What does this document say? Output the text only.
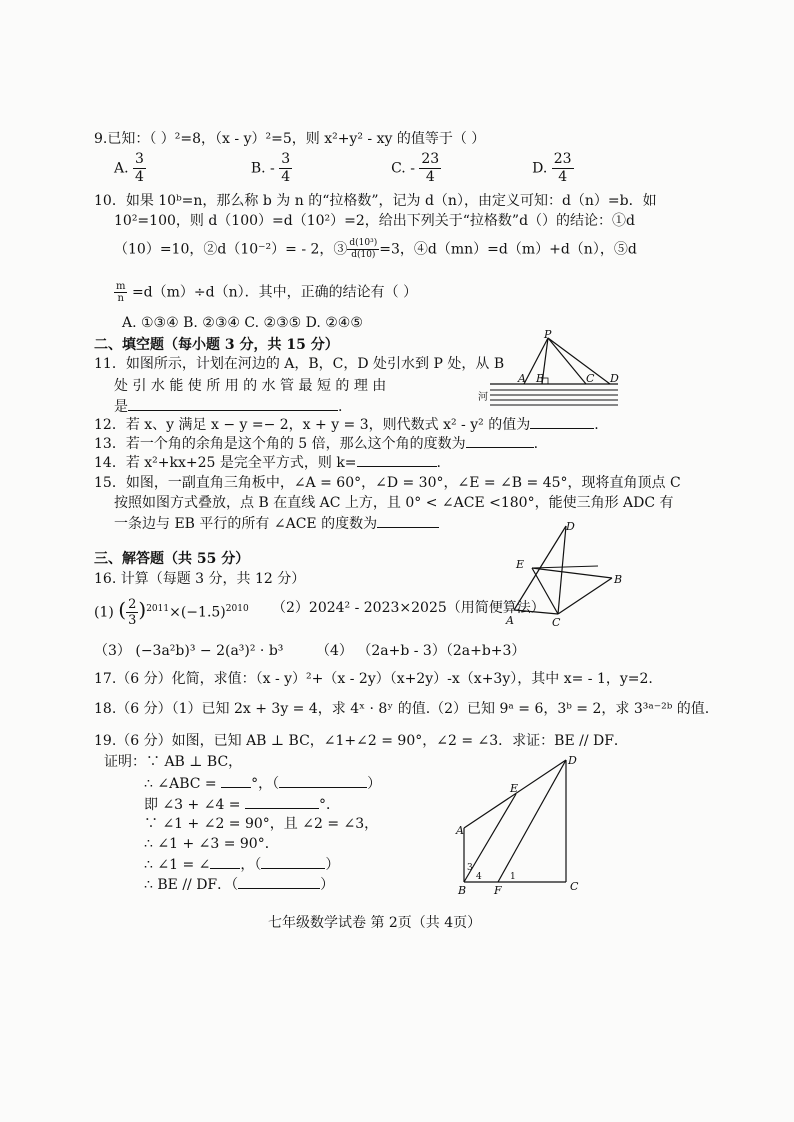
9.已知：（ ）²=8，（x - y）²=5，则 x²+y² - xy 的值等于（ ）
A. $\frac{3}{4}$	B. - $\frac{3}{4}$	C. - $\frac{23}{4}$	D. $\frac{23}{4}$
10．如果 10ᵇ=n，那么称 b 为 n 的“拉格数”，记为 d（n），由定义可知：d（n）=b．如
10²=100，则 d（100）=d（10²）=2，给出下列关于“拉格数”d（）的结论：①d
（10）=10，②d（10⁻²）= - 2，③ $\frac{\text{d(10³)}}{d(10)} =3$，④d（mn）=d（m）+d（n），⑤d
$\frac{m}{n} =d(m)\div d(n)$．其中，正确的结论有（ ）
A. ①③④ B. ②③④ C. ②③⑤ D. ②④⑤
二、填空题（每小题 3 分，共 15 分）
11．如图所示，计划在河边的 A，B，C，D 处引水到 P 处，从 B
处 引 水 能 使 所 用 的 水 管 最 短 的 理 由
是	.
P
A B	C D
河
12．若 x、y 满足 x − y =− 2，x + y = 3，则代数式 x² - y² 的值为	.
13．若一个角的余角是这个角的 5 倍，那么这个角的度数为	.
14．若 x²+kx+25 是完全平方式，则 k=	.
15．如图，一副直角三角板中，∠A = 60°，∠D = 30°，∠E = ∠B = 45°，现将直角顶点 C
按照如图方式叠放，点 B 在直线 AC 上方，且 0° < ∠ACE <180°，能使三角形 ADC 有
一条边与 EB 平行的所有 ∠ACE 的度数为
三、解答题（共 55 分）
D
E
B
A	C
16. 计算（每题 3 分，共 12 分）
(1) ( $\frac{2}{3} )^{2011}\times(-1.5)^{2010}$ （2）2024² - 2023×2025（用简便算法）
（3） (−3a²b)³ − 2(a³)² · b³ （4） （2a+b - 3）（2a+b+3）
17.（6 分）化简，求值：（x - y）²+（x - 2y）（x+2y）-x（x+3y），其中 x= - 1，y=2.
18.（6 分）（1）已知 2x + 3y = 4，求 4ˣ · 8ʸ 的值.（2）已知 9ᵃ = 6，3ᵇ = 2，求 3³ᵃ⁻²ᵇ 的值.
19.（6 分）如图，已知 AB ⊥ BC，∠1+∠2 = 90°，∠2 = ∠3．求证：BE // DF．
证明：∵ AB ⊥ BC，
∴ ∠ABC = °，（	）
即 ∠3 + ∠4 =	°．
∵ ∠1 + ∠2 = 90°，且 ∠2 = ∠3，
∴ ∠1 + ∠3 = 90°．
∴ ∠1 = ∠ ，（	）
∴ BE // DF．（	）
A
B	C
D
E
F
1
3
4
七年级数学试卷 第 2页（共 4页）
